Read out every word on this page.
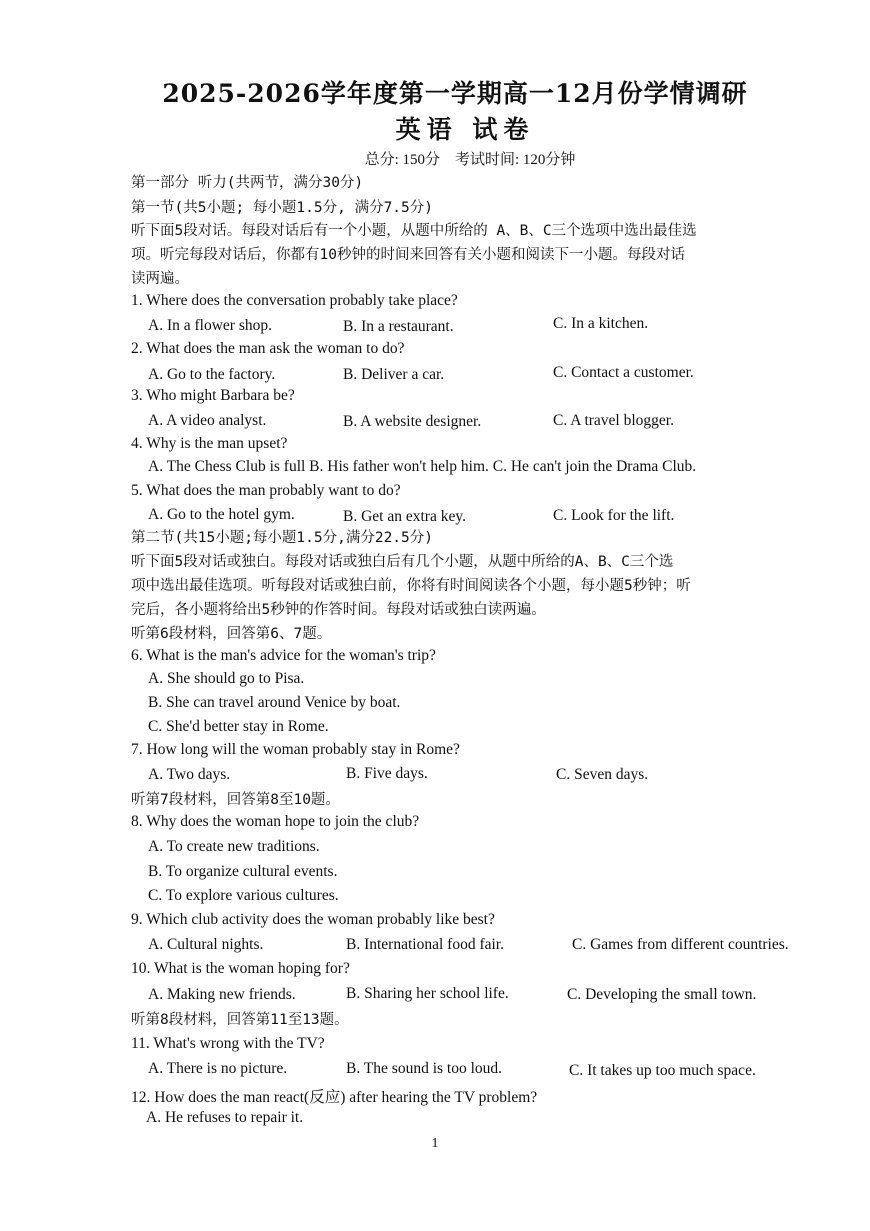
2025-2026学年度第一学期高一12月份学情调研
英语 试卷
总分: 150分    考试时间: 120分钟
第一部分 听力(共两节，满分30分)
第一节(共5小题; 每小题1.5分, 满分7.5分)
听下面5段对话。每段对话后有一个小题，从题中所给的 A、B、C三个选项中选出最佳选
项。听完每段对话后，你都有10秒钟的时间来回答有关小题和阅读下一小题。每段对话
读两遍。
1. Where does the conversation probably take place?
A. In a flower shop.	B. In a restaurant.	C. In a kitchen.
2. What does the man ask the woman to do?
A. Go to the factory.	B. Deliver a car.	C. Contact a customer.
3. Who might Barbara be?
A. A video analyst.	B. A website designer.	C. A travel blogger.
4. Why is the man upset?
A. The Chess Club is full B. His father won't help him. C. He can't join the Drama Club.
5. What does the man probably want to do?
A. Go to the hotel gym.	B. Get an extra key.	C. Look for the lift.
第二节(共15小题;每小题1.5分,满分22.5分)
听下面5段对话或独白。每段对话或独白后有几个小题，从题中所给的A、B、C三个选
项中选出最佳选项。听每段对话或独白前，你将有时间阅读各个小题，每小题5秒钟；听
完后，各小题将给出5秒钟的作答时间。每段对话或独白读两遍。
听第6段材料，回答第6、7题。
6. What is the man's advice for the woman's trip?
A. She should go to Pisa.
B. She can travel around Venice by boat.
C. She'd better stay in Rome.
7. How long will the woman probably stay in Rome?
A. Two days.	B. Five days.	C. Seven days.
听第7段材料，回答第8至10题。
8. Why does the woman hope to join the club?
A. To create new traditions.
B. To organize cultural events.
C. To explore various cultures.
9. Which club activity does the woman probably like best?
A. Cultural nights.	B. International food fair.	C. Games from different countries.
10. What is the woman hoping for?
A. Making new friends.	B. Sharing her school life.	C. Developing the small town.
听第8段材料，回答第11至13题。
11. What's wrong with the TV?
A. There is no picture.	B. The sound is too loud.	C. It takes up too much space.
12. How does the man react(反应) after hearing the TV problem?
A. He refuses to repair it.
1
